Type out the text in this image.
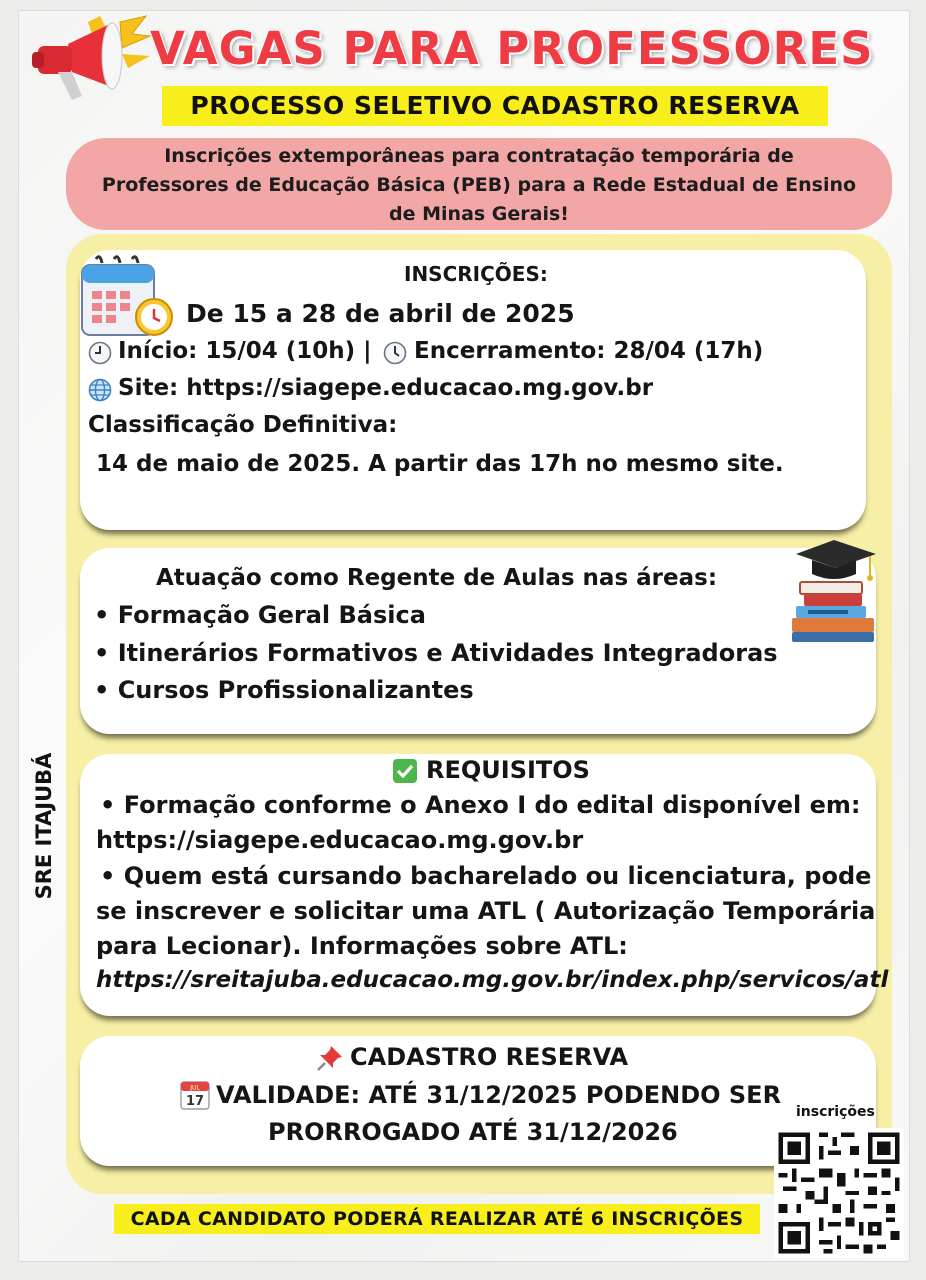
VAGAS PARA PROFESSORES
PROCESSO SELETIVO CADASTRO RESERVA
Inscrições extemporâneas para contratação temporária de
Professores de Educação Básica (PEB) para a Rede Estadual de Ensino
de Minas Gerais!
SRE ITAJUBÁ
INSCRIÇÕES:
De 15 a 28 de abril de 2025
Início: 15/04 (10h) | Encerramento: 28/04 (17h)
Site: https://siagepe.educacao.mg.gov.br
Classificação Definitiva:
14 de maio de 2025. A partir das 17h no mesmo site.
Atuação como Regente de Aulas nas áreas:
• Formação Geral Básica
• Itinerários Formativos e Atividades Integradoras
• Cursos Profissionalizantes
REQUISITOS
• Formação conforme o Anexo I do edital disponível em:
https://siagepe.educacao.mg.gov.br
• Quem está cursando bacharelado ou licenciatura, pode
se inscrever e solicitar uma ATL ( Autorização Temporária
para Lecionar). Informações sobre ATL:
https://sreitajuba.educacao.mg.gov.br/index.php/servicos/atl
CADASTRO RESERVA
JUL
17 VALIDADE: ATÉ 31/12/2025 PODENDO SER
PRORROGADO ATÉ 31/12/2026
inscrições
CADA CANDIDATO PODERÁ REALIZAR ATÉ 6 INSCRIÇÕES
